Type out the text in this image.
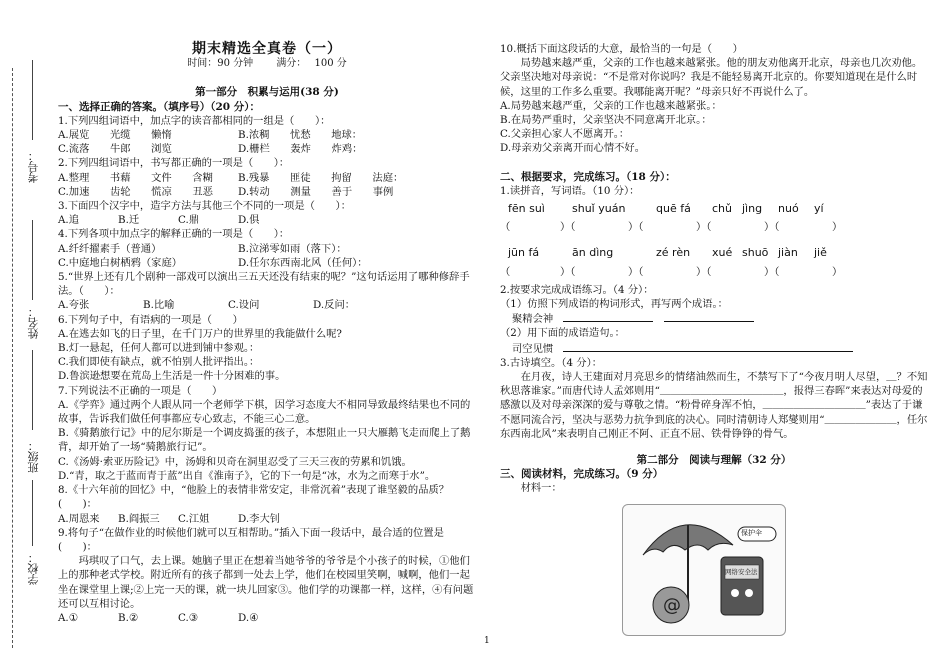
考号：
姓名：
班级：
学校：
期末精选全真卷（一）
时间：90 分钟　　 满分：　 100 分
第一部分　积累与运用(38 分)
一、选择正确的答案。（填序号）（20 分）：

1.下列四组词语中，加点字的读音都相同的一组是（　　）：

A.展览　　光缆　　懒惰	B.浓稠　　忧愁　　地球：
C.流落　　牛郎　　浏览	D.栅栏　　轰炸　　炸鸡：

2.下列四组词语中，书写都正确的一项是（　　）：

A.整理　　书藉　　文件　　含糊	B.残暴　　匪徒　　拘留　　法庭：
C.加速　　齿轮　　慌凉　　丑恶	D.转动　　测量　　善于　　事例

3.下面四个汉字中，造字方法与其他三个不同的一项是（　　）：

A.追	B.迁	C.鼎	D.俱

4.下列各项中加点字的解释正确的一项是（　　）：

A.纤纤擢素手（普通）	B.泣涕零如雨（落下）：
C.中庭地白树栖鸦（家庭）	D.任尔东西南北风（任何）：

5.“世界上还有几个剧种一部戏可以演出三五天还没有结束的呢？”这句话运用了哪种修辞手法。（　　）：

A.夸张	B.比喻	C.设问	D.反问：

6.下列句子中，有语病的一项是（　　）

A.在逃去如飞的日子里，在千门万户的世界里的我能做什么呢?

B.灯一悬起，任何人都可以进到铺中参观。：

C.我们即使有缺点，就不怕别人批评指出。：

D.鲁滨逊想要在荒岛上生活是一件十分困难的事。

7.下列说法不正确的一项是（　　）

A.《学弈》通过两个人跟从同一个老师学下棋，因学习态度大不相同导致最终结果也不同的故事，告诉我们做任何事都应专心致志，不能三心二意。

B.《骑鹅旅行记》中的尼尔斯是一个调皮捣蛋的孩子，本想阻止一只大雁鹅飞走而爬上了鹅背，却开始了一场“骑鹅旅行记”。

C.《汤姆·索亚历险记》中，汤姆和贝奇在洞里忍受了三天三夜的劳累和饥饿。

D.“青，取之于蓝而青于蓝”出自《淮南子》，它的下一句是“冰，水为之而寒于水”。

8.《十六年前的回忆》中，“他脸上的表情非常安定，非常沉着”表现了谁坚毅的品质？(　　)：

A.周恩来	B.阎振三	C.江姐	D.李大钊

9.将句子“在做作业的时候他们就可以互相帮助。”插入下面一段话中，最合适的位置是(　　)：

玛琪叹了口气，去上课。她脑子里正在想着当她爷爷的爷爷是个小孩子的时候，①他们上的那种老式学校。附近所有的孩子都到一处去上学，他们在校园里笑啊，喊啊，他们一起坐在课堂里上课;②上完一天的课，就一块儿回家③。他们学的功课都一样，这样，④有问题还可以互相讨论。

A.①	B.②	C.③	D.④

10.概括下面这段话的大意，最恰当的一句是（　　）

局势越来越严重，父亲的工作也越来越紧张。他的朋友劝他离开北京，母亲也几次劝他。父亲坚决地对母亲说：“不是常对你说吗？我是不能轻易离开北京的。你要知道现在是什么时候，这里的工作多么重要。我哪能离开呢？”母亲只好不再说什么了。

A.局势越来越严重，父亲的工作也越来越紧张。：

B.在局势严重时，父亲坚决不同意离开北京。：

C.父亲担心家人不愿离开。：

D.母亲劝父亲离开而心情不好。

二、根据要求，完成练习。（18 分）：

1.读拼音，写词语。（10 分）：

fēn suì	shuǐ yuán	quē fá	chǔ jìng	nuó	yí
（	）（	）（	）（	）（	）
jūn fá	ān dìng	zé rèn	xué shuō jiàn	jiě
（	）（	）（	）（	）（	）

2.按要求完成成语练习。（4 分）：

（1）仿照下列成语的构词形式，再写两个成语。：

聚精会神　　

（2）用下面的成语造句。：

司空见惯　

3.古诗填空。（4 分）：

在月夜，诗人王建面对月亮思乡的情绪油然而生，不禁写下了“今夜月明人尽望，＿？不知秋思落谁家。”而唐代诗人孟郊则用“＿＿＿＿＿＿＿＿＿＿＿＿，报得三春晖”来表达对母爱的感激以及对母亲深深的爱与尊敬之情。“粉骨碎身浑不怕，＿＿＿＿＿＿＿＿＿＿”表达了于谦不愿同流合污，坚决与恶势力抗争到底的决心。同时清朝诗人郑燮则用“＿＿＿＿＿＿＿，任尔东西南北风”来表明自己刚正不阿、正直不屈、铁骨铮铮的骨气。

第二部分　阅读与理解（32 分）
三、阅读材料，完成练习。（9 分）

材料一：

@
保护伞
网络安全法
1
